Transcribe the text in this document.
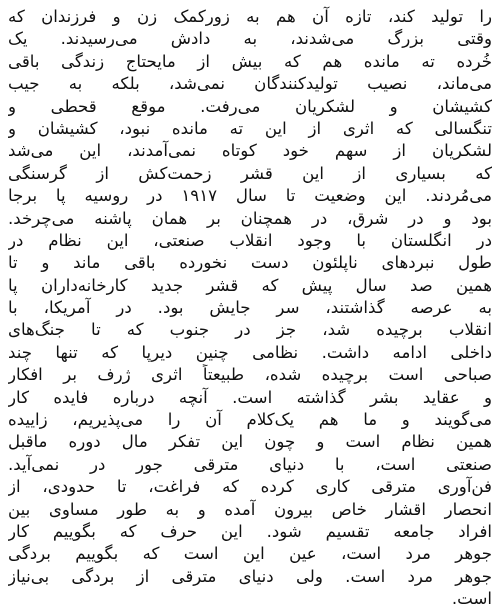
را تولید کند، تازه آن هم به زورکمک زن و فرزندان که
وقتی بزرگ می‌شدند، به دادش می‌رسیدند. یک
خُرده ته مانده هم که بیش از مایحتاج زندگی باقی
می‌ماند، نصیب تولیدکنندگان نمی‌شد، بلکه به جیب
کشیشان و لشکریان می‌رفت. موقع قحطی و
تنگسالی که اثری از این ته مانده نبود، کشیشان و
لشکریان از سهم خود کوتاه نمی‌آمدند، این می‌شد
که بسیاری از این قشر زحمت‌کش از گرسنگی
می‌مُردند. این وضعیت تا سال ۱۹۱۷ در روسیه پا برجا
بود و در شرق، در همچنان بر همان پاشنه می‌چرخد.
در انگلستان با وجود انقلاب صنعتی، این نظام در
طول نبردهای ناپلئون دست نخورده باقی ماند و تا
همین صد سال پیش که قشر جدید کارخانه‌داران پا
به عرصه گذاشتند، سر جایش بود. در آمریکا، با
انقلاب برچیده شد، جز در جنوب که تا جنگ‌های
داخلی ادامه داشت. نظامی چنین دیرپا که تنها چند
صباحی است برچیده شده، طبیعتاً اثری ژرف بر افکار
و عقاید بشر گذاشته است. آنچه درباره فایده کار
می‌گویند و ما هم یک‌کلام آن را می‌پذیریم، زاییده
همین نظام است و چون این تفکر مال دوره ماقبل
صنعتی است، با دنیای مترقی جور در نمی‌آید.
فن‌آوری مترقی کاری کرده که فراغت، تا حدودی، از
انحصار اقشار خاص بیرون آمده و به طور مساوی بین
افراد جامعه تقسیم شود. این حرف که بگوییم کار
جوهر مرد است، عین این است که بگوییم بردگی
جوهر مرد است. ولی دنیای مترقی از بردگی بی‌نیاز
است.
